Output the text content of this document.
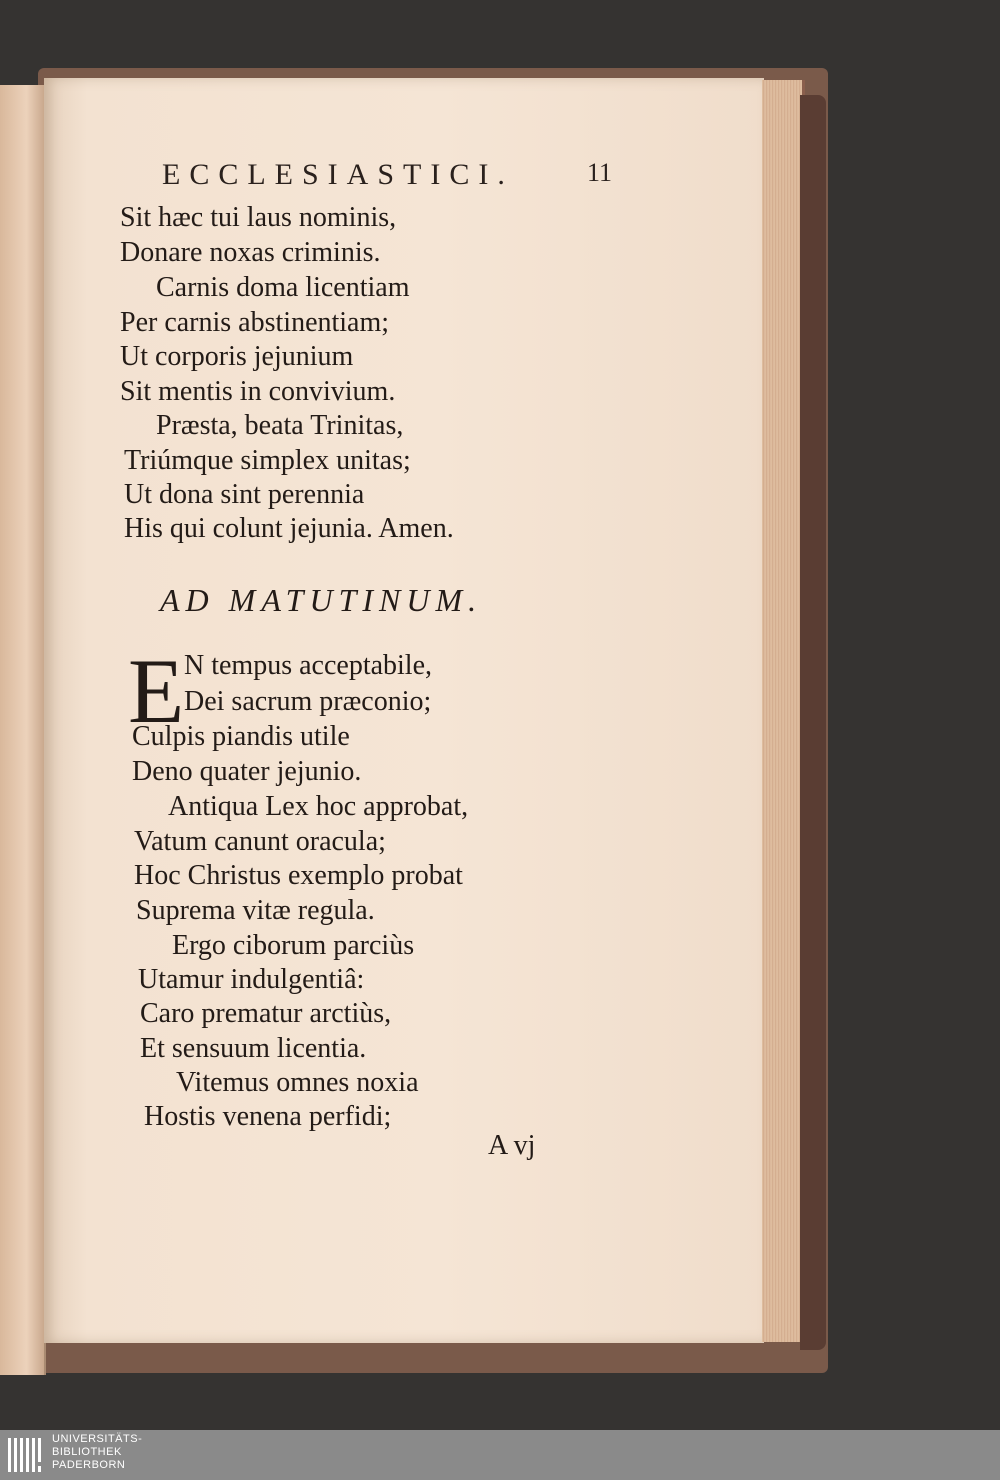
ECCLESIASTICI.	11
Sit hæc tui laus nominis,
Donare noxas criminis.
Carnis doma licentiam
Per carnis abstinentiam;
Ut corporis jejunium
Sit mentis in convivium.
Præsta, beata Trinitas,
Triúmque simplex unitas;
Ut dona sint perennia
His qui colunt jejunia. Amen.
AD MATUTINUM.
E N tempus acceptabile,
Dei sacrum præconio;
Culpis piandis utile
Deno quater jejunio.
Antiqua Lex hoc approbat,
Vatum canunt oracula;
Hoc Christus exemplo probat
Suprema vitæ regula.
Ergo ciborum parciùs
Utamur indulgentiâ:
Caro prematur arctiùs,
Et sensuum licentia.
Vitemus omnes noxia
Hostis venena perfidi;
A vj
UNIVERSITÄTS-
BIBLIOTHEK
PADERBORN
